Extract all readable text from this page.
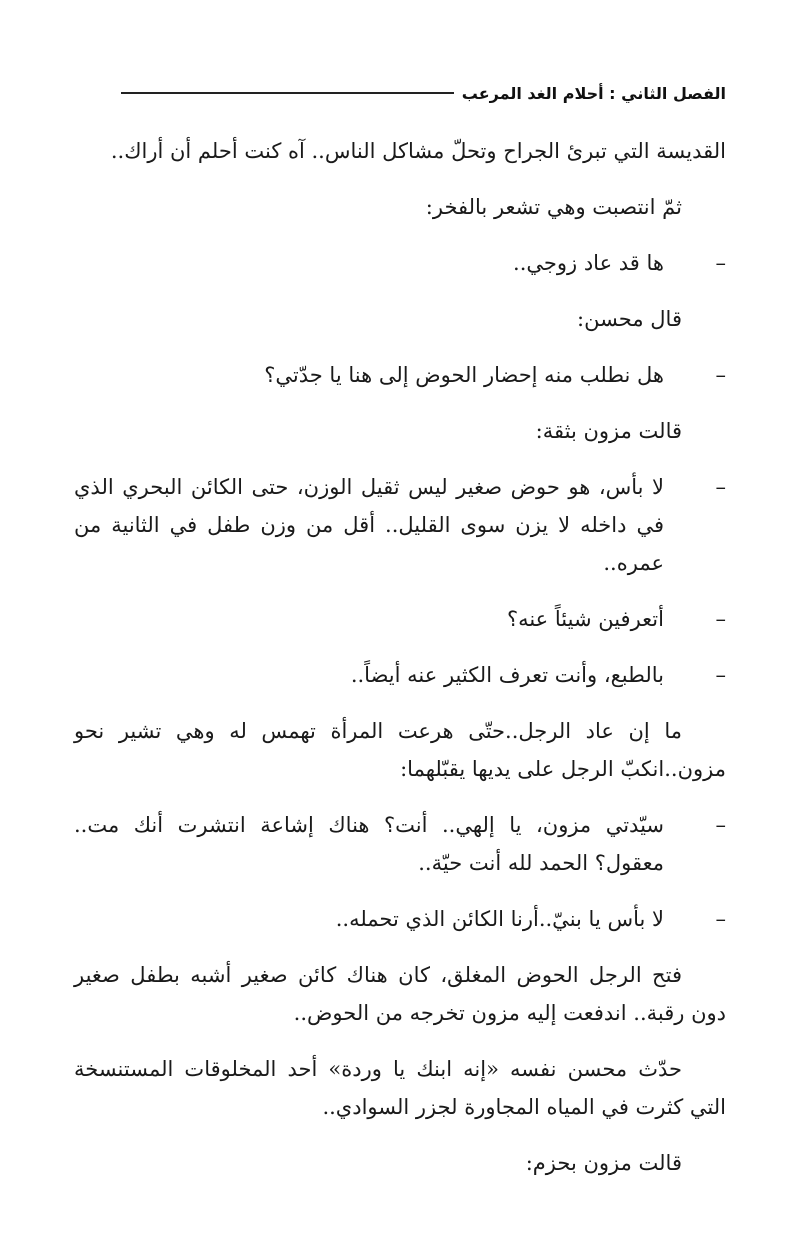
الفصل الثاني : أحلام الغد المرعب

القديسة التي تبرئ الجراح وتحلّ مشاكل الناس.. آه كنت أحلم أن أراك..

ثمّ انتصبت وهي تشعر بالفخر:

–
ها قد عاد زوجي..

قال محسن:

–
هل نطلب منه إحضار الحوض إلى هنا يا جدّتي؟

قالت مزون بثقة:

–
لا بأس، هو حوض صغير ليس ثقيل الوزن، حتى الكائن البحري الذي في داخله لا يزن سوى القليل.. أقل من وزن طفل في الثانية من عمره..
–
أتعرفين شيئاً عنه؟
–
بالطبع، وأنت تعرف الكثير عنه أيضاً..

ما إن عاد الرجل..حتّى هرعت المرأة تهمس له وهي تشير نحو مزون..انكبّ الرجل على يديها يقبّلهما:

–
سيّدتي مزون، يا إلهي.. أنت؟ هناك إشاعة انتشرت أنك مت.. معقول؟ الحمد لله أنت حيّة..
–
لا بأس يا بنيّ..أرنا الكائن الذي تحمله..

فتح الرجل الحوض المغلق، كان هناك كائن صغير أشبه بطفل صغير دون رقبة.. اندفعت إليه مزون تخرجه من الحوض..

حدّث محسن نفسه «إنه ابنك يا وردة» أحد المخلوقات المستنسخة التي كثرت في المياه المجاورة لجزر السوادي..

قالت مزون بحزم:
